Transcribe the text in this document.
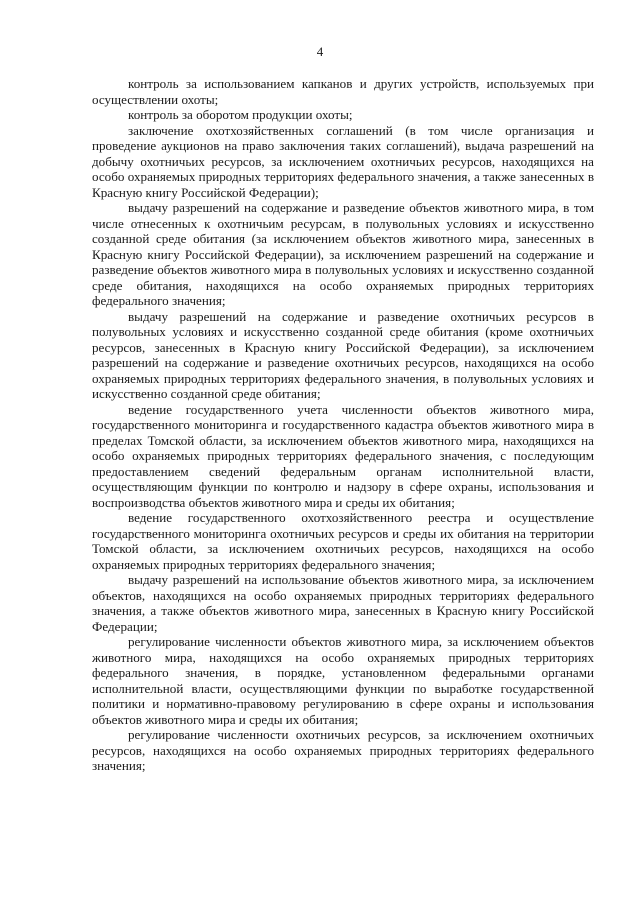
4

контроль за использованием капканов и других устройств, используемых при осуществлении охоты;

контроль за оборотом продукции охоты;

заключение охотхозяйственных соглашений (в том числе организация и проведение аукционов на право заключения таких соглашений), выдача разрешений на добычу охотничьих ресурсов, за исключением охотничьих ресурсов, находящихся на особо охраняемых природных территориях федерального значения, а также занесенных в Красную книгу Российской Федерации);

выдачу разрешений на содержание и разведение объектов животного мира, в том числе отнесенных к охотничьим ресурсам, в полувольных условиях и искусственно созданной среде обитания (за исключением объектов животного мира, занесенных в Красную книгу Российской Федерации), за исключением разрешений на содержание и разведение объектов животного мира в полувольных условиях и искусственно созданной среде обитания, находящихся на особо охраняемых природных территориях федерального значения;

выдачу разрешений на содержание и разведение охотничьих ресурсов в полувольных условиях и искусственно созданной среде обитания (кроме охотничьих ресурсов, занесенных в Красную книгу Российской Федерации), за исключением разрешений на содержание и разведение охотничьих ресурсов, находящихся на особо охраняемых природных территориях федерального значения, в полувольных условиях и искусственно созданной среде обитания;

ведение государственного учета численности объектов животного мира, государственного мониторинга и государственного кадастра объектов животного мира в пределах Томской области, за исключением объектов животного мира, находящихся на особо охраняемых природных территориях федерального значения, с последующим предоставлением сведений федеральным органам исполнительной власти, осуществляющим функции по контролю и надзору в сфере охраны, использования и воспроизводства объектов животного мира и среды их обитания;

ведение государственного охотхозяйственного реестра и осуществление государственного мониторинга охотничьих ресурсов и среды их обитания на территории Томской области, за исключением охотничьих ресурсов, находящихся на особо охраняемых природных территориях федерального значения;

выдачу разрешений на использование объектов животного мира, за исключением объектов, находящихся на особо охраняемых природных территориях федерального значения, а также объектов животного мира, занесенных в Красную книгу Российской Федерации;

регулирование численности объектов животного мира, за исключением объектов животного мира, находящихся на особо охраняемых природных территориях федерального значения, в порядке, установленном федеральными органами исполнительной власти, осуществляющими функции по выработке государственной политики и нормативно-правовому регулированию в сфере охраны и использования объектов животного мира и среды их обитания;

регулирование численности охотничьих ресурсов, за исключением охотничьих ресурсов, находящихся на особо охраняемых природных территориях федерального значения;
